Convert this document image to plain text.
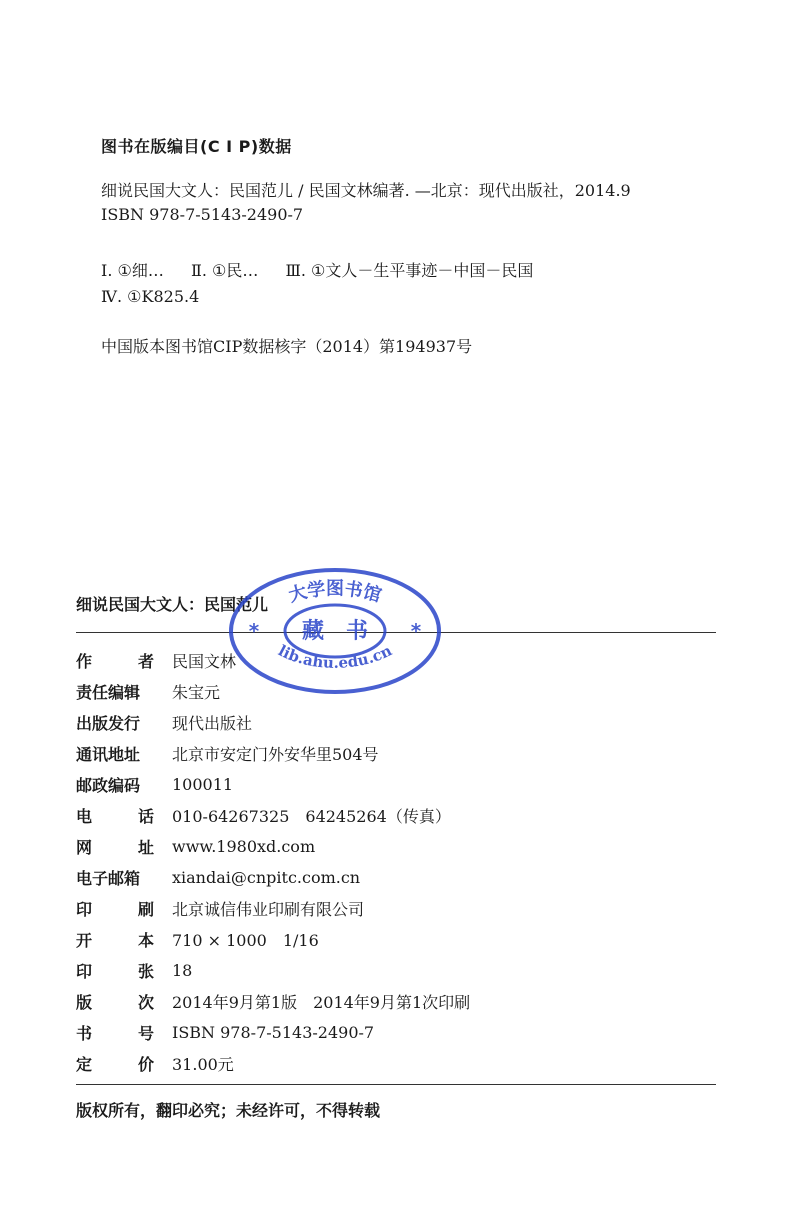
图书在版编目(C I P)数据
细说民国大文人：民国范儿 / 民国文林编著. —北京：现代出版社，2014.9
ISBN 978-7-5143-2490-7
Ⅰ. ①细… Ⅱ. ①民… Ⅲ. ①文人－生平事迹－中国－民国
Ⅳ. ①K825.4
中国版本图书馆CIP数据核字（2014）第194937号
细说民国大文人：民国范儿
作	者 民国文林
责任编辑 朱宝元
出版发行 现代出版社
通讯地址 北京市安定门外安华里504号
邮政编码 100011
电	话 010-64267325　64245264（传真）
网	址 www.1980xd.com
电子邮箱 xiandai@cnpitc.com.cn
印	刷 北京诚信伟业印刷有限公司
开	本 710 × 1000　1/16
印	张 18
版	次 2014年9月第1版　2014年9月第1次印刷
书	号 ISBN 978-7-5143-2490-7
定	价 31.00元
版权所有，翻印必究；未经许可，不得转载
大学图书馆
藏　书
*	*
lib.ahu.edu.cn
